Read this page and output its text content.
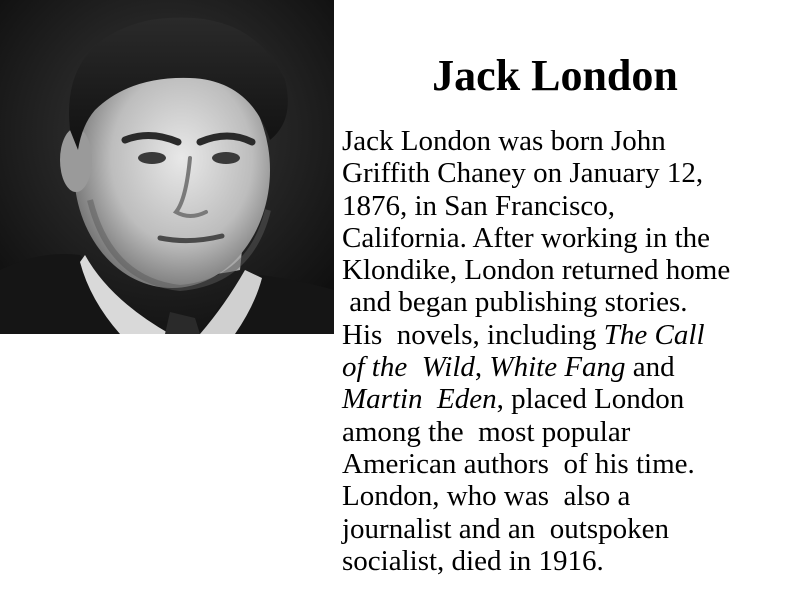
Jack London

Jack London was born John
Griffith Chaney on January 12,
1876, in San Francisco,
California. After working in the
Klondike, London returned home
and began publishing stories.
His  novels, including The Call
of the  Wild, White Fang and
Martin  Eden, placed London
among the  most popular
American authors  of his time.
London, who was  also a
journalist and an  outspoken
socialist, died in 1916.
